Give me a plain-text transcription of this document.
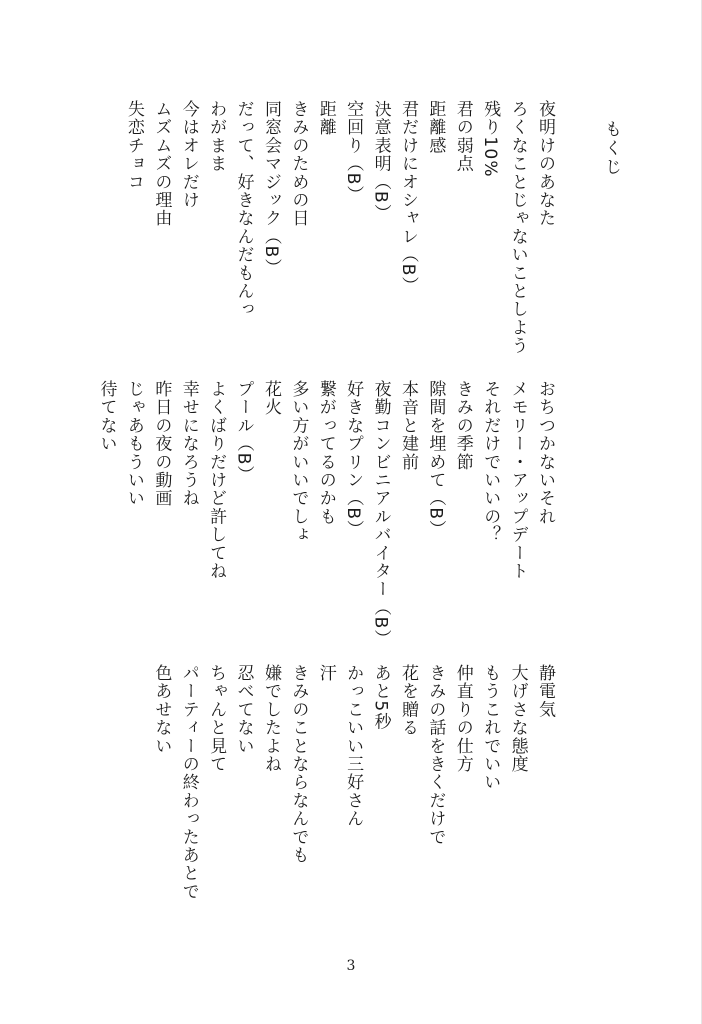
もくじ
夜明けのあなた
ろくなことじゃないことしよう
残り10%
君の弱点
距離感
君だけにオシャレ（B）
決意表明（B）
空回り（B）
距離
きみのための日
同窓会マジック（B）
だって、好きなんだもんっ
わがまま
今はオレだけ
ムズムズの理由
失恋チョコ
おちつかないそれ
メモリー・アップデート
それだけでいいの？
きみの季節
隙間を埋めて（B）
本音と建前
夜勤コンビニアルバイター（B）
好きなプリン（B）
繋がってるのかも
多い方がいいでしょ
花火
プール（B）
よくばりだけど許してね
幸せになろうね
昨日の夜の動画
じゃあもういい
待てない
静電気
大げさな態度
もうこれでいい
仲直りの仕方
きみの話をきくだけで
花を贈る
あと5秒
かっこいい三好さん
汗
きみのことならなんでも
嫌でしたよね
忍べてない
ちゃんと見て
パーティーの終わったあとで
色あせない
3
